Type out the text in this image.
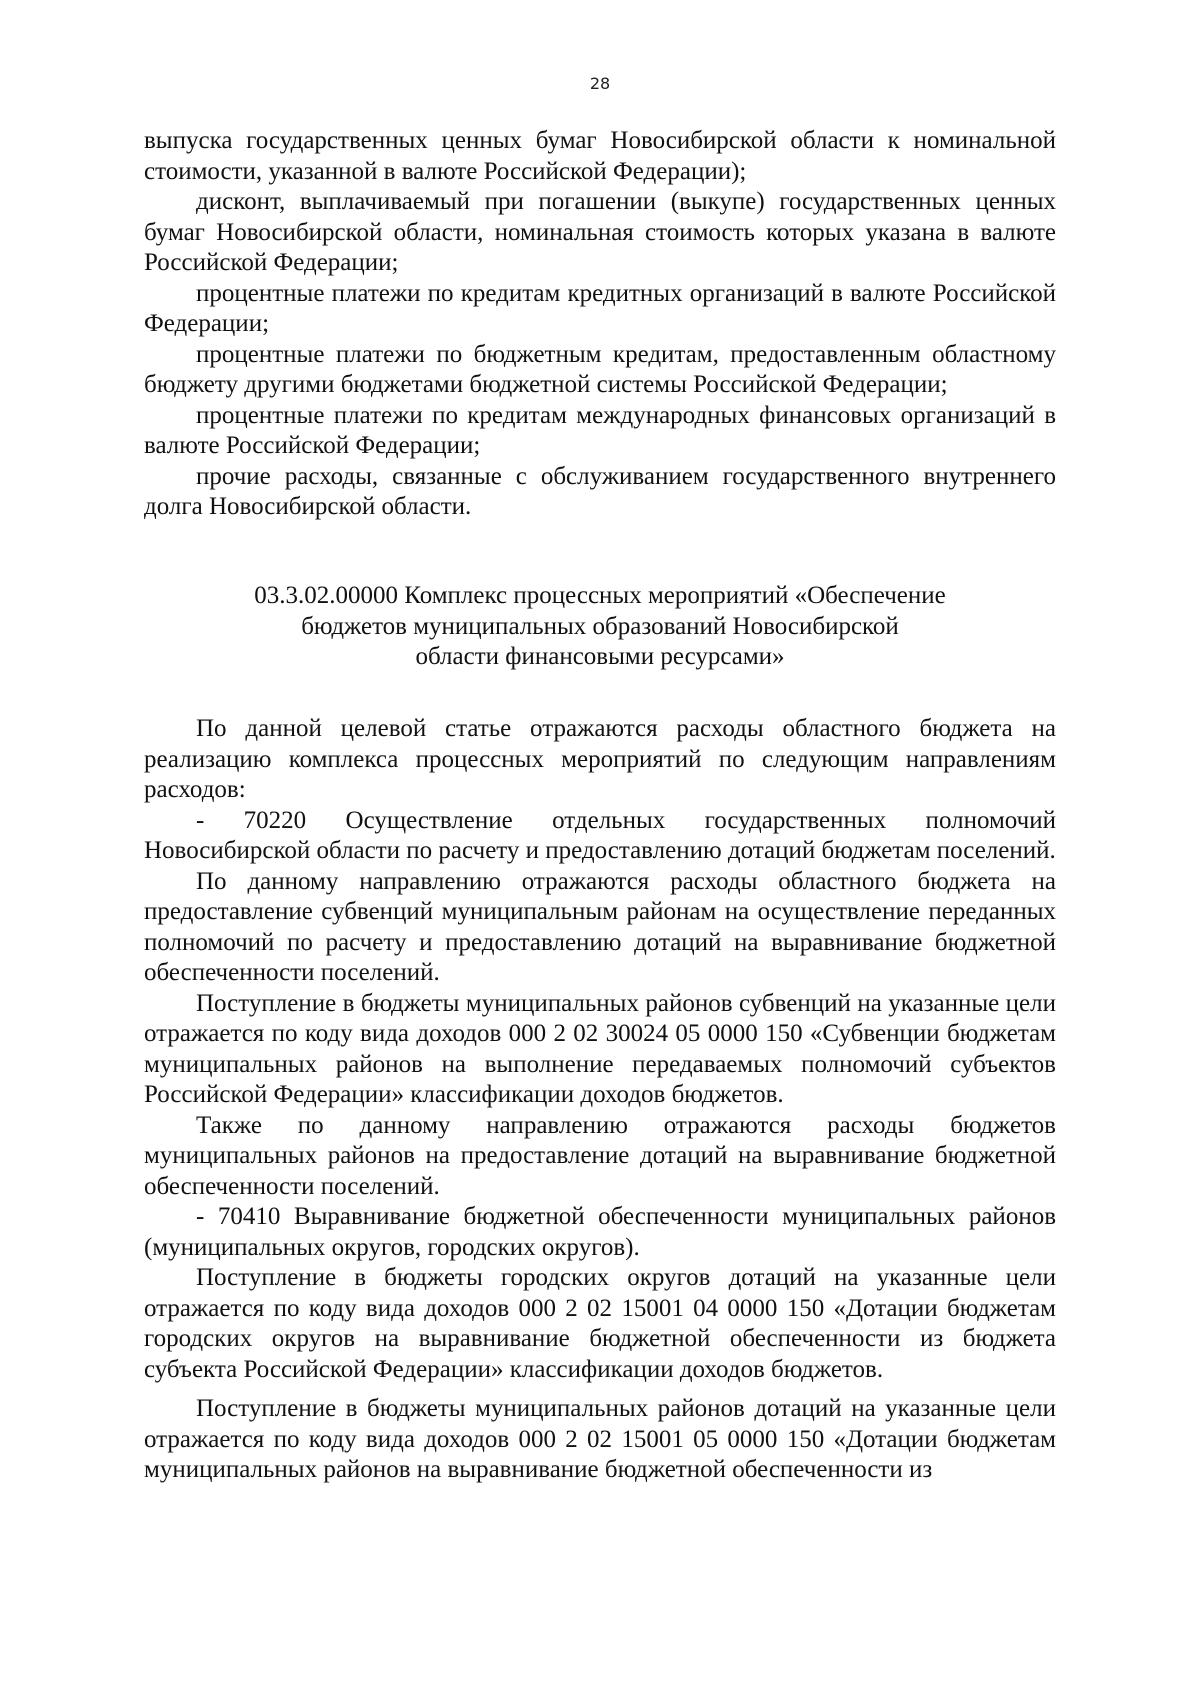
28

выпуска государственных ценных бумаг Новосибирской области к номинальной стоимости, указанной в валюте Российской Федерации);

дисконт, выплачиваемый при погашении (выкупе) государственных ценных бумаг Новосибирской области, номинальная стоимость которых указана в валюте Российской Федерации;

процентные платежи по кредитам кредитных организаций в валюте Российской Федерации;

процентные платежи по бюджетным кредитам, предоставленным областному бюджету другими бюджетами бюджетной системы Российской Федерации;

процентные платежи по кредитам международных финансовых организаций в валюте Российской Федерации;

прочие расходы, связанные с обслуживанием государственного внутреннего долга Новосибирской области.

03.3.02.00000 Комплекс процессных мероприятий «Обеспечение
бюджетов муниципальных образований Новосибирской
области финансовыми ресурсами»

По данной целевой статье отражаются расходы областного бюджета на реализацию комплекса процессных мероприятий по следующим направлениям расходов:

- 70220 Осуществление отдельных государственных полномочий Новосибирской области по расчету и предоставлению дотаций бюджетам поселений.

По данному направлению отражаются расходы областного бюджета на предоставление субвенций муниципальным районам на осуществление переданных полномочий по расчету и предоставлению дотаций на выравнивание бюджетной обеспеченности поселений.

Поступление в бюджеты муниципальных районов субвенций на указанные цели отражается по коду вида доходов 000 2 02 30024 05 0000 150 «Субвенции бюджетам муниципальных районов на выполнение передаваемых полномочий субъектов Российской Федерации» классификации доходов бюджетов.

Также по данному направлению отражаются расходы бюджетов муниципальных районов на предоставление дотаций на выравнивание бюджетной обеспеченности поселений.

- 70410 Выравнивание бюджетной обеспеченности муниципальных районов (муниципальных округов, городских округов).

Поступление в бюджеты городских округов дотаций на указанные цели отражается по коду вида доходов 000 2 02 15001 04 0000 150 «Дотации бюджетам городских округов на выравнивание бюджетной обеспеченности из бюджета субъекта Российской Федерации» классификации доходов бюджетов.

Поступление в бюджеты муниципальных районов дотаций на указанные цели отражается по коду вида доходов 000 2 02 15001 05 0000 150 «Дотации бюджетам муниципальных районов на выравнивание бюджетной обеспеченности из
